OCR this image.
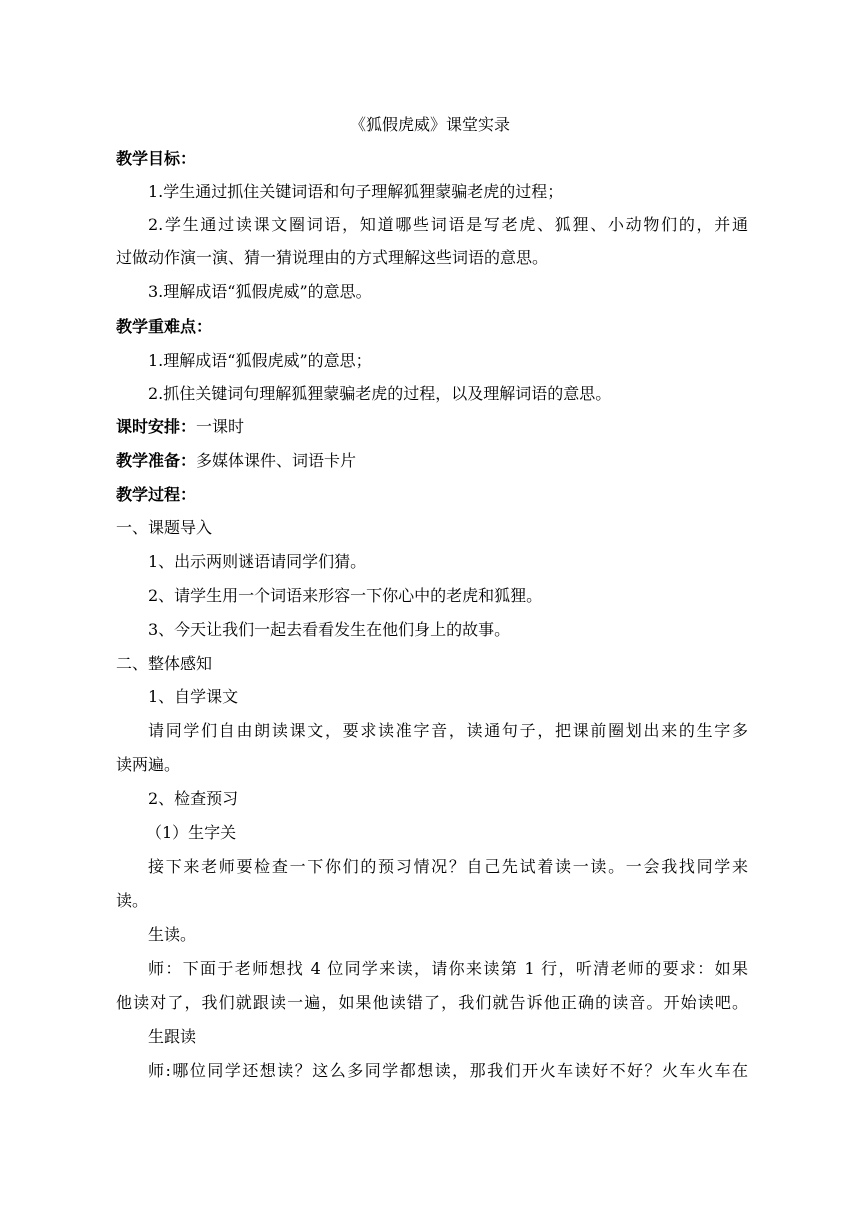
《狐假虎威》课堂实录
教学目标：
1.学生通过抓住关键词语和句子理解狐狸蒙骗老虎的过程；
2.学生通过读课文圈词语，知道哪些词语是写老虎、狐狸、小动物们的，并通
过做动作演一演、猜一猜说理由的方式理解这些词语的意思。
3.理解成语“狐假虎威”的意思。
教学重难点：
1.理解成语“狐假虎威”的意思；
2.抓住关键词句理解狐狸蒙骗老虎的过程，以及理解词语的意思。
课时安排：一课时
教学准备：多媒体课件、词语卡片
教学过程：
一、课题导入
1、出示两则谜语请同学们猜。
2、请学生用一个词语来形容一下你心中的老虎和狐狸。
3、今天让我们一起去看看发生在他们身上的故事。
二、整体感知
1、自学课文
请同学们自由朗读课文，要求读准字音，读通句子，把课前圈划出来的生字多
读两遍。
2、检查预习
（1）生字关
接下来老师要检查一下你们的预习情况？自己先试着读一读。一会我找同学来
读。
生读。
师：下面于老师想找 4 位同学来读，请你来读第 1 行，听清老师的要求：如果
他读对了，我们就跟读一遍，如果他读错了，我们就告诉他正确的读音。开始读吧。
生跟读
师:哪位同学还想读？这么多同学都想读，那我们开火车读好不好？火车火车在
